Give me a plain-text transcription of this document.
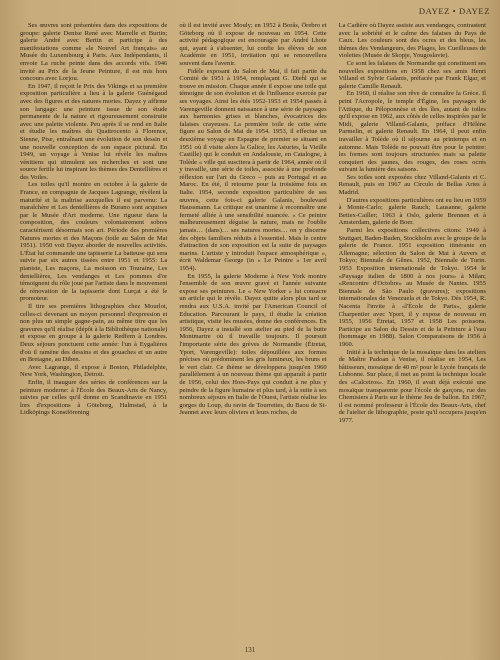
DAYEZ • DAYEZ

Ses œuvres sont présentées dans des expositions de groupe: galerie Denise René avec Marrelle et Burtin; galerie André avec Bertin et participe à des manifestations comme «le Nouvel Art français» au Musée du Luxembourg à Paris. Aux Indépendants, il envoie La ruche peinte dans des accords vifs. 1946 invité au Prix de la Jeune Peinture, il est mis hors concours avec Lorjou.

En 1947, il reçoit le Prix des Vikings et sa première exposition particulière a lieu à la galerie Guénégaud avec des figures et des natures mortes. Dayez y affirme son langage: une peinture issue de son étude permanente de la nature et rigoureusement construite avec une palette violente. Peu après il se rend en Italie et étudie les maîtres du Quattrocento à Florence, Sienne, Pise, entraînant une évolution de son dessin et une nouvelle conception de son espace pictural. En 1949, un voyage à Venise lui révèle les maîtres vénitiens qui stimulent ses recherches et sont une source fertile lui inspirant les thèmes des Dentellières et des Voiles.

Les toiles qu'il montre en octobre à la galerie de France, en compagnie de Jacques Lagrange, révèlent la maturité et la maîtrise auxquelles il est parvenu: La maraîchère et Les dentellières de Burano sont acquises par le Musée d'Art moderne. Une rigueur dans la composition, des couleurs volontairement sobres caractérisent désormais son art. Période des premières Natures mortes et des Maçons (toile au Salon de Mai 1951). 1950 voit Dayez aborder de nouvelles activités. L'État lui commande une tapisserie La batteuse qui sera suivie par six autres tissées entre 1951 et 1955: La pianiste, Les maçons, La moisson en Touraine, Les dentellières, Les vendanges et Les pommes d'or témoignent du rôle joué par l'artiste dans le mouvement de rénovation de la tapisserie dont Lurçat a été le promoteur.

Il tire ses premières lithographies chez Mourlot, celles-ci devenant un moyen personnel d'expression et non plus un simple gagne-pain, au même titre que les gravures qu'il réalise (dépôt à la Bibliothèque nationale) et expose en groupe à la galerie Redfern à Londres. Deux séjours ponctuent cette année: l'un à Eygalières d'où il ramène des dessins et des gouaches et un autre en Bretagne, au Diben.

Avec Lagrange, il expose à Boston, Philadelphie, New York, Washington, Detroit.

Enfin, il inaugure des séries de conférences sur la peinture moderne: à l'École des Beaux-Arts de Nancy, suivies par celles qu'il donne en Scandinavie en 1951 lors d'expositions à Göteborg, Halmstad, à la Lidköpings Konstförening

où il est invité avec Mouly; en 1952 à Borâs, Örebro et Göteborg où il expose de nouveau en 1954. Cette activité pédagogique est encouragée par André Lhote qui, ayant à s'absenter, lui confie les élèves de son Académie en 1951, invitation qui se renouvellera souvent dans l'avenir.

Fidèle exposant du Salon de Mai, il fait partie du Comité de 1951 à 1954, remplaçant G. Diehl qui se trouve en mission. Chaque année il expose une toile qui témoigne de son évolution et de l'influence exercée par ses voyages. Ainsi les étés 1952-1953 et 1954 passés à Varengeville donnent naissance à une série de paysages aux harmonies grises et blanches, évocatrices des falaises crayeuses. La première toile de cette série figure au Salon de Mai de 1954. 1953, il effectue un deuxième voyage en Espagne de premier se situant en 1951 où il visite alors la Galice, les Asturies, la Vieille Castille) qui le conduit en Andalousie, en Catalogne, à Tolède « ville qui suscitera à partir de 1964, année où il y travaille, une série de toiles, associée à une profonde réflexion sur l'art du Greco – puis au Portugal et au Maroc. En été, il retourne pour la troisième fois en Italie. 1954, seconde exposition particulière de ses œuvres, cette fois-ci galerie Galanis, boulevard Haussmann. La critique est unanime à reconnaître une fermeté alliée à une sensibilité nuancée. « Ce peintre malheureusement déguise la nature, mais ne l'oublie jamais… (dans)… ses natures mortes… on y discerne des objets familiers réduits à l'essentiel. Mais le centre d'attraction de son exposition est la suite de paysages marins. L'artiste y introduit l'espace atmosphérique », écrit Waldemar George (in « Le Peintre » 1er avril 1954).

En 1955, la galerie Moderne à New York montre l'ensemble de son œuvre gravé et l'année suivante expose ses peintures. Le « New Yorker » lui consacre un article qui le révèle. Dayez quitte alors plus tard se rendra aux U.S.A. invité par l'American Council of Education. Parcourant le pays, il étudie la création artistique, visite les musées, donne des conférences. En 1956, Dayez a installé son atelier au pied de la butte Montmartre où il travaille toujours. Il poursuit l'importante série des grèves de Normandie (Étretat, Yport, Varengeville): toiles dépouillées aux formes précises où prédominent les gris lumineux, les bruns et le vert clair. Ce thème se développera jusqu'en 1960 parallèlement à un nouveau thème qui apparaît à partir de 1956, celui des Hors-Pays qui conduit à ne plus y peindre de la figure humaine et plus tard, à la suite à ses nombreux séjours en Italie de l'Ouest, l'artiste réalise les gorges du Loup, du ravin de Tourrettes, du Baou de St-Jeannet avec leurs oliviers et leurs roches, de

La Cadière où Dayez assiste aux vendanges, contrastent avec la sobriété et le calme des falaises du Pays de Caux. Les couleurs sont des ocres et des bleus, les thèmes des Vendangeurs, des Plages, les Cueilleuses de violettes (Musée de Skopje, Yougoslavie).

Ce sont les falaises de Normandie qui constituent ses nouvelles expositions en 1958 chez ses amis Henri Villand et Sylvie Galanis, préfacée par Frank Elgar, et galerie Camille Renault.

En 1960, il réalise son rêve de connaître la Grèce. Il peint l'Acropole, le temple d'Égine, les paysages de l'Attique, du Péloponnèse et des îles, autant de toiles qu'il expose en 1962, aux côtés de celles inspirées par le Midi, galerie Villand-Galanis, préface d'Hélène Parmelin, et galerie Renault. En 1964, il peut enfin travailler à Tolède où il séjourne au printemps et en automne. Mais Tolède ne pouvait être pour le peintre: les formes sont toujours structurées mais sa palette conquiert des jaunes, des rouges, des roses ocrés suivant la lumière des saisons.

Ses toiles sont exposées chez Villand-Galanis et C. Renault, puis en 1967 au Círculo de Bellas Artes à Madrid.

D'autres expositions particulières ont eu lieu en 1959 à Monte-Carlo; galerie Rauch; Lausanne, galerie Bettex-Cailler; 1963 à Oslo, galerie Brennen et à Amsterdam, galerie de Boer.

Parmi les expositions collectives citons: 1949 à Stuttgart, Baden-Baden, Stockholm avec le groupe de la galerie de France. 1951 exposition itinérante en Allemagne; sélection du Salon de Mai à Auvers et Tokyo; Biennale de Gênes. 1952, Biennale de Turin. 1953 Exposition internationale de Tokyo. 1954 le «Paysage italien de 1800 à nos jours» à Milan; «Rencontre d'Octobre» au Musée de Nantes. 1955 Biennale de São Paulo (gravures); expositions internationales de Venezuela et de Tokyo. Dès 1954, R. Nacenta l'invite à «l'École de Paris», galerie Charpentier avec Yport, il y expose de nouveau en 1955, 1956 Étretat, 1957 et 1958 Les poissons. Participe au Salon du Dessin et de la Peinture à l'eau (hommage en 1988). Salon Comparaisons de 1956 à 1960.

Initié à la technique de la mosaïque dans les ateliers de Maître Padoan à Venise, il réalise en 1954, Les bâtisseurs, mosaïque de 40 m² pour le Lycée français de Lisbonne. Sur place, il met au point la technique locale des «Calceiros». En 1960, il avait déjà exécuté une mosaïque transparente pour l'école de garçons, rue des Chemisiers à Paris sur le thème Jeu de ballon. En 1967, il est nommé professeur à l'École des Beaux-Arts, chef de l'atelier de lithographie, poste qu'il occupera jusqu'en 1977.

131
